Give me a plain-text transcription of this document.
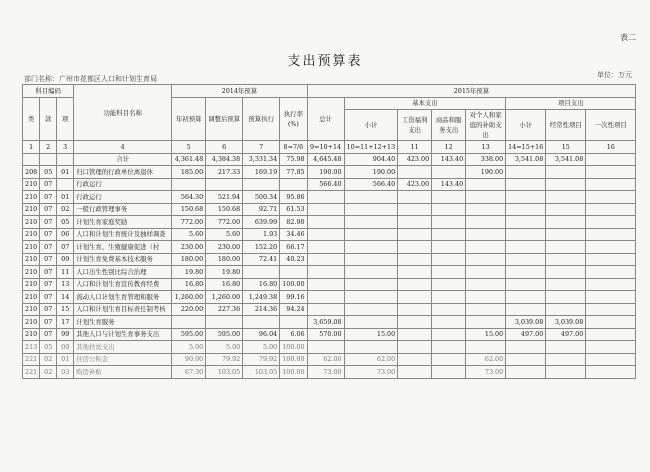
表二
支出预算表
部门名称：广州市花都区人口和计划生育局	单位：万元
科目编码			功能科目名称	2014年预算				2015年预算							
类	款	项		年初预算	调整后预算	预算执行	执行率(%)	总计	基本支出				项目支出		
									小计	工资福利支出	商品和服务支出	对个人和家庭的补助支出	小计	经常性项目	一次性项目
1	2	3	4	5	6	7	8=7/6	9=10+14	10=11+12+13	11	12	13	14=15+16	15	16
			合计	4,361.48	4,384.38	3,331.34	75.98	4,645.48	904.40	423.00	143.40	338.00	3,541.08	3,541.08	
208	05	01	归口管理的行政单位离退休	185.00	217.33	169.19	77.85	190.00	190.00			190.00			
210	07		行政运行					566.40	566.40	423.00	143.40				
210	07	01	行政运行	564.30	521.94	500.34	95.86								
210	07	02	一般行政管理事务	150.68	150.68	92.71	61.53								
210	07	05	计划生育家庭奖励	772.00	772.00	639.99	82.90								
210	07	06	人口和计划生育统计及抽样调查	5.60	5.60	1.93	34.46								
210	07	07	计划生育、生殖健康促进（村	230.00	230.00	152.20	66.17								
210	07	09	计划生育免费基本技术服务	180.00	180.00	72.41	40.23								
210	07	11	人口出生性别比综合治理	19.80	19.80										
210	07	13	人口和计划生育宣传教育经费	16.80	16.80	16.80	100.00								
210	07	14	流动人口计划生育管理和服务	1,260.00	1,260.00	1,249.38	99.16								
210	07	15	人口和计划生育目标责任制考核	220.00	227.36	214.36	94.24								
210	07	17	计划生育服务					3,659.08					3,039.08	3,039.08	
210	07	99	其他人口与计划生育事务支出	595.00	595.00	96.04	6.06	570.00	15.00			15.00	497.00	497.00	
213	05	09	其他扶贫支出	5.00	5.00	5.00	100.00								
221	02	01	住房公积金	90.00	79.92	79.92	100.00	62.00	62.00			62.00			
221	02	03	购房补贴	67.30	103.05	103.05	100.00	73.00	73.00			73.00			
